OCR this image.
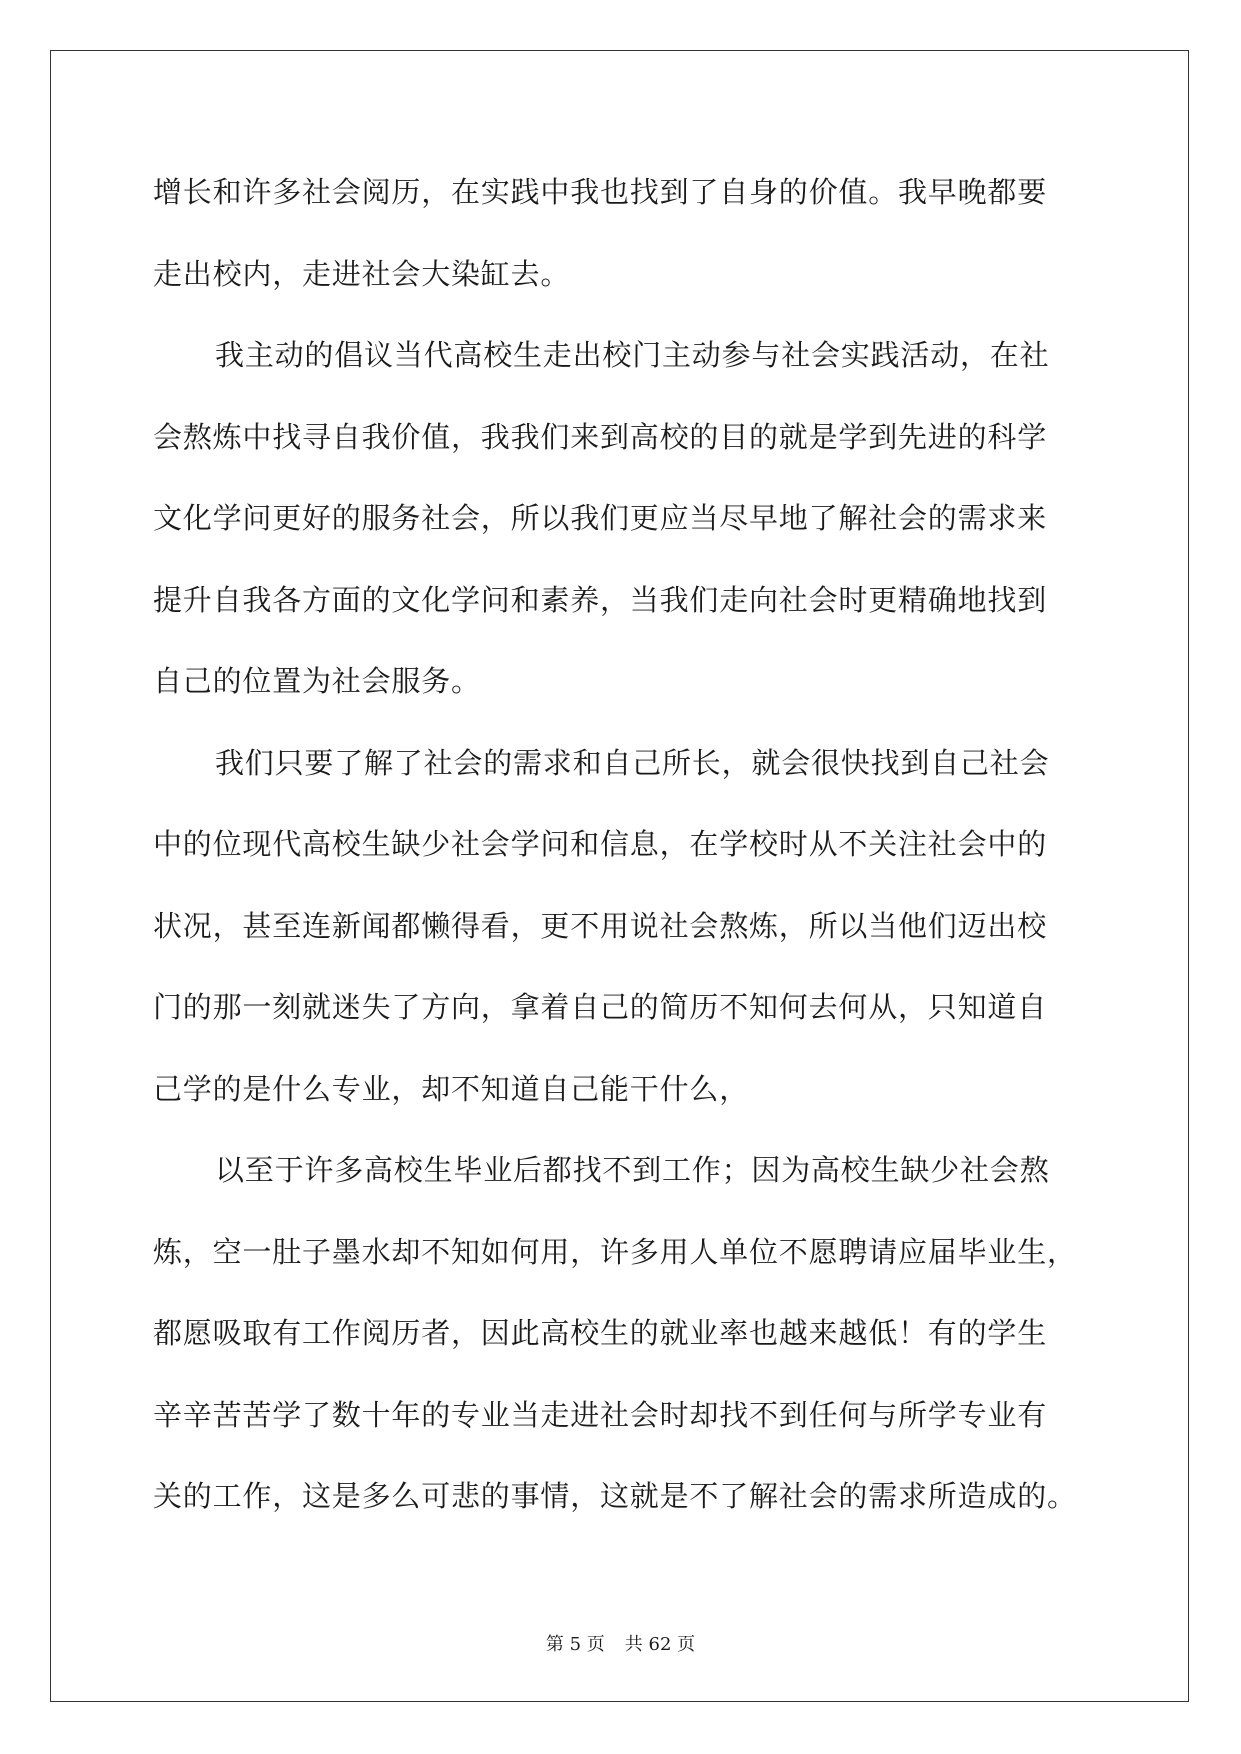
增长和许多社会阅历，在实践中我也找到了自身的价值。我早晚都要
走出校内，走进社会大染缸去。
我主动的倡议当代高校生走出校门主动参与社会实践活动，在社
会熬炼中找寻自我价值，我我们来到高校的目的就是学到先进的科学
文化学问更好的服务社会，所以我们更应当尽早地了解社会的需求来
提升自我各方面的文化学问和素养，当我们走向社会时更精确地找到
自己的位置为社会服务。
我们只要了解了社会的需求和自己所长，就会很快找到自己社会
中的位现代高校生缺少社会学问和信息，在学校时从不关注社会中的
状况，甚至连新闻都懒得看，更不用说社会熬炼，所以当他们迈出校
门的那一刻就迷失了方向，拿着自己的简历不知何去何从，只知道自
己学的是什么专业，却不知道自己能干什么，
以至于许多高校生毕业后都找不到工作；因为高校生缺少社会熬
炼，空一肚子墨水却不知如何用，许多用人单位不愿聘请应届毕业生，
都愿吸取有工作阅历者，因此高校生的就业率也越来越低！有的学生
辛辛苦苦学了数十年的专业当走进社会时却找不到任何与所学专业有
关的工作，这是多么可悲的事情，这就是不了解社会的需求所造成的。
第 5 页 共 62 页
